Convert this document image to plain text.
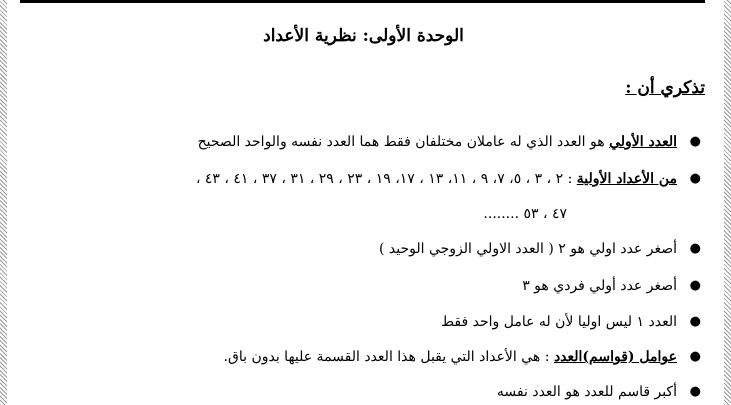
الوحدة الأولى: نظرية الأعداد
تذكري أن :
●
العدد الأولي هو العدد الذي له عاملان مختلفان فقط هما العدد نفسه والواحد الصحيح
●
من الأعداد الأولية : ٢ ، ٣ ، ٥، ٧، ٩ ، ١١، ١٣ ، ١٧، ١٩ ، ٢٣ ، ٢٩ ، ٣١ ، ٣٧ ، ٤١ ، ٤٣ ،
٤٧ ، ٥٣ ........
●
أصغر عدد اولي هو ٢ ( العدد الاولي الزوجي الوحيد )
●
أصغر عدد أولي فردي هو ٣
●
العدد ١ ليس اوليا لأن له عامل واحد فقط
●
عوامل (قواسم)العدد : هي الأعداد التي يقبل هذا العدد القسمة عليها بدون باق.
●
أكبر قاسم للعدد هو العدد نفسه
